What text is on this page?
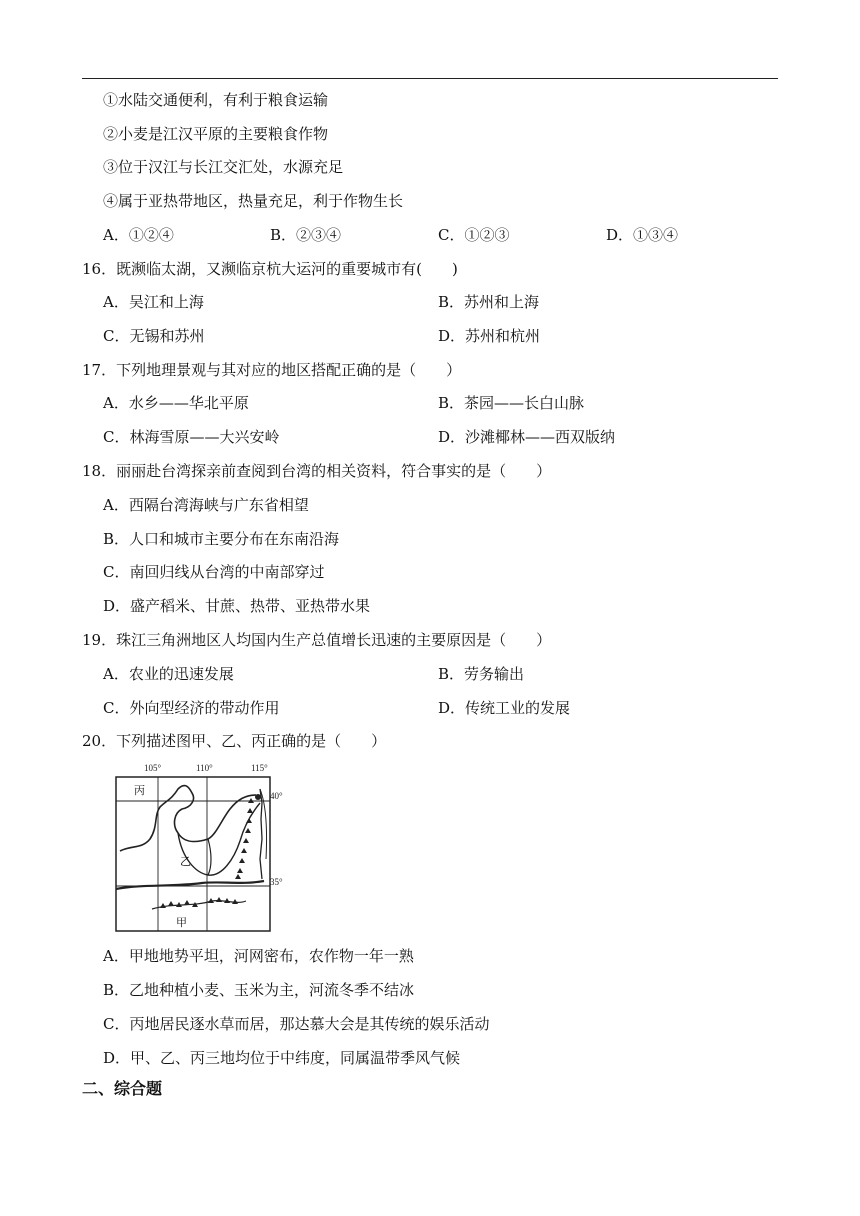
①水陆交通便利，有利于粮食运输
②小麦是江汉平原的主要粮食作物
③位于汉江与长江交汇处，水源充足
④属于亚热带地区，热量充足，利于作物生长
A．①②④	B．②③④	C．①②③	D．①③④
16．既濒临太湖，又濒临京杭大运河的重要城市有(　　)
A．吴江和上海	B．苏州和上海
C．无锡和苏州	D．苏州和杭州
17．下列地理景观与其对应的地区搭配正确的是（　　）
A．水乡——华北平原	B．茶园——长白山脉
C．林海雪原——大兴安岭	D．沙滩椰林——西双版纳
18．丽丽赴台湾探亲前查阅到台湾的相关资料，符合事实的是（　　）
A．西隔台湾海峡与广东省相望
B．人口和城市主要分布在东南沿海
C．南回归线从台湾的中南部穿过
D．盛产稻米、甘蔗、热带、亚热带水果
19．珠江三角洲地区人均国内生产总值增长迅速的主要原因是（　　）
A．农业的迅速发展	B．劳务输出
C．外向型经济的带动作用	D．传统工业的发展
20．下列描述图甲、乙、丙正确的是（　　）
105°	110°	115°
40°
35°
丙
乙
甲
A．甲地地势平坦，河网密布，农作物一年一熟
B．乙地种植小麦、玉米为主，河流冬季不结冰
C．丙地居民逐水草而居，那达慕大会是其传统的娱乐活动
D．甲、乙、丙三地均位于中纬度，同属温带季风气候
二、综合题
